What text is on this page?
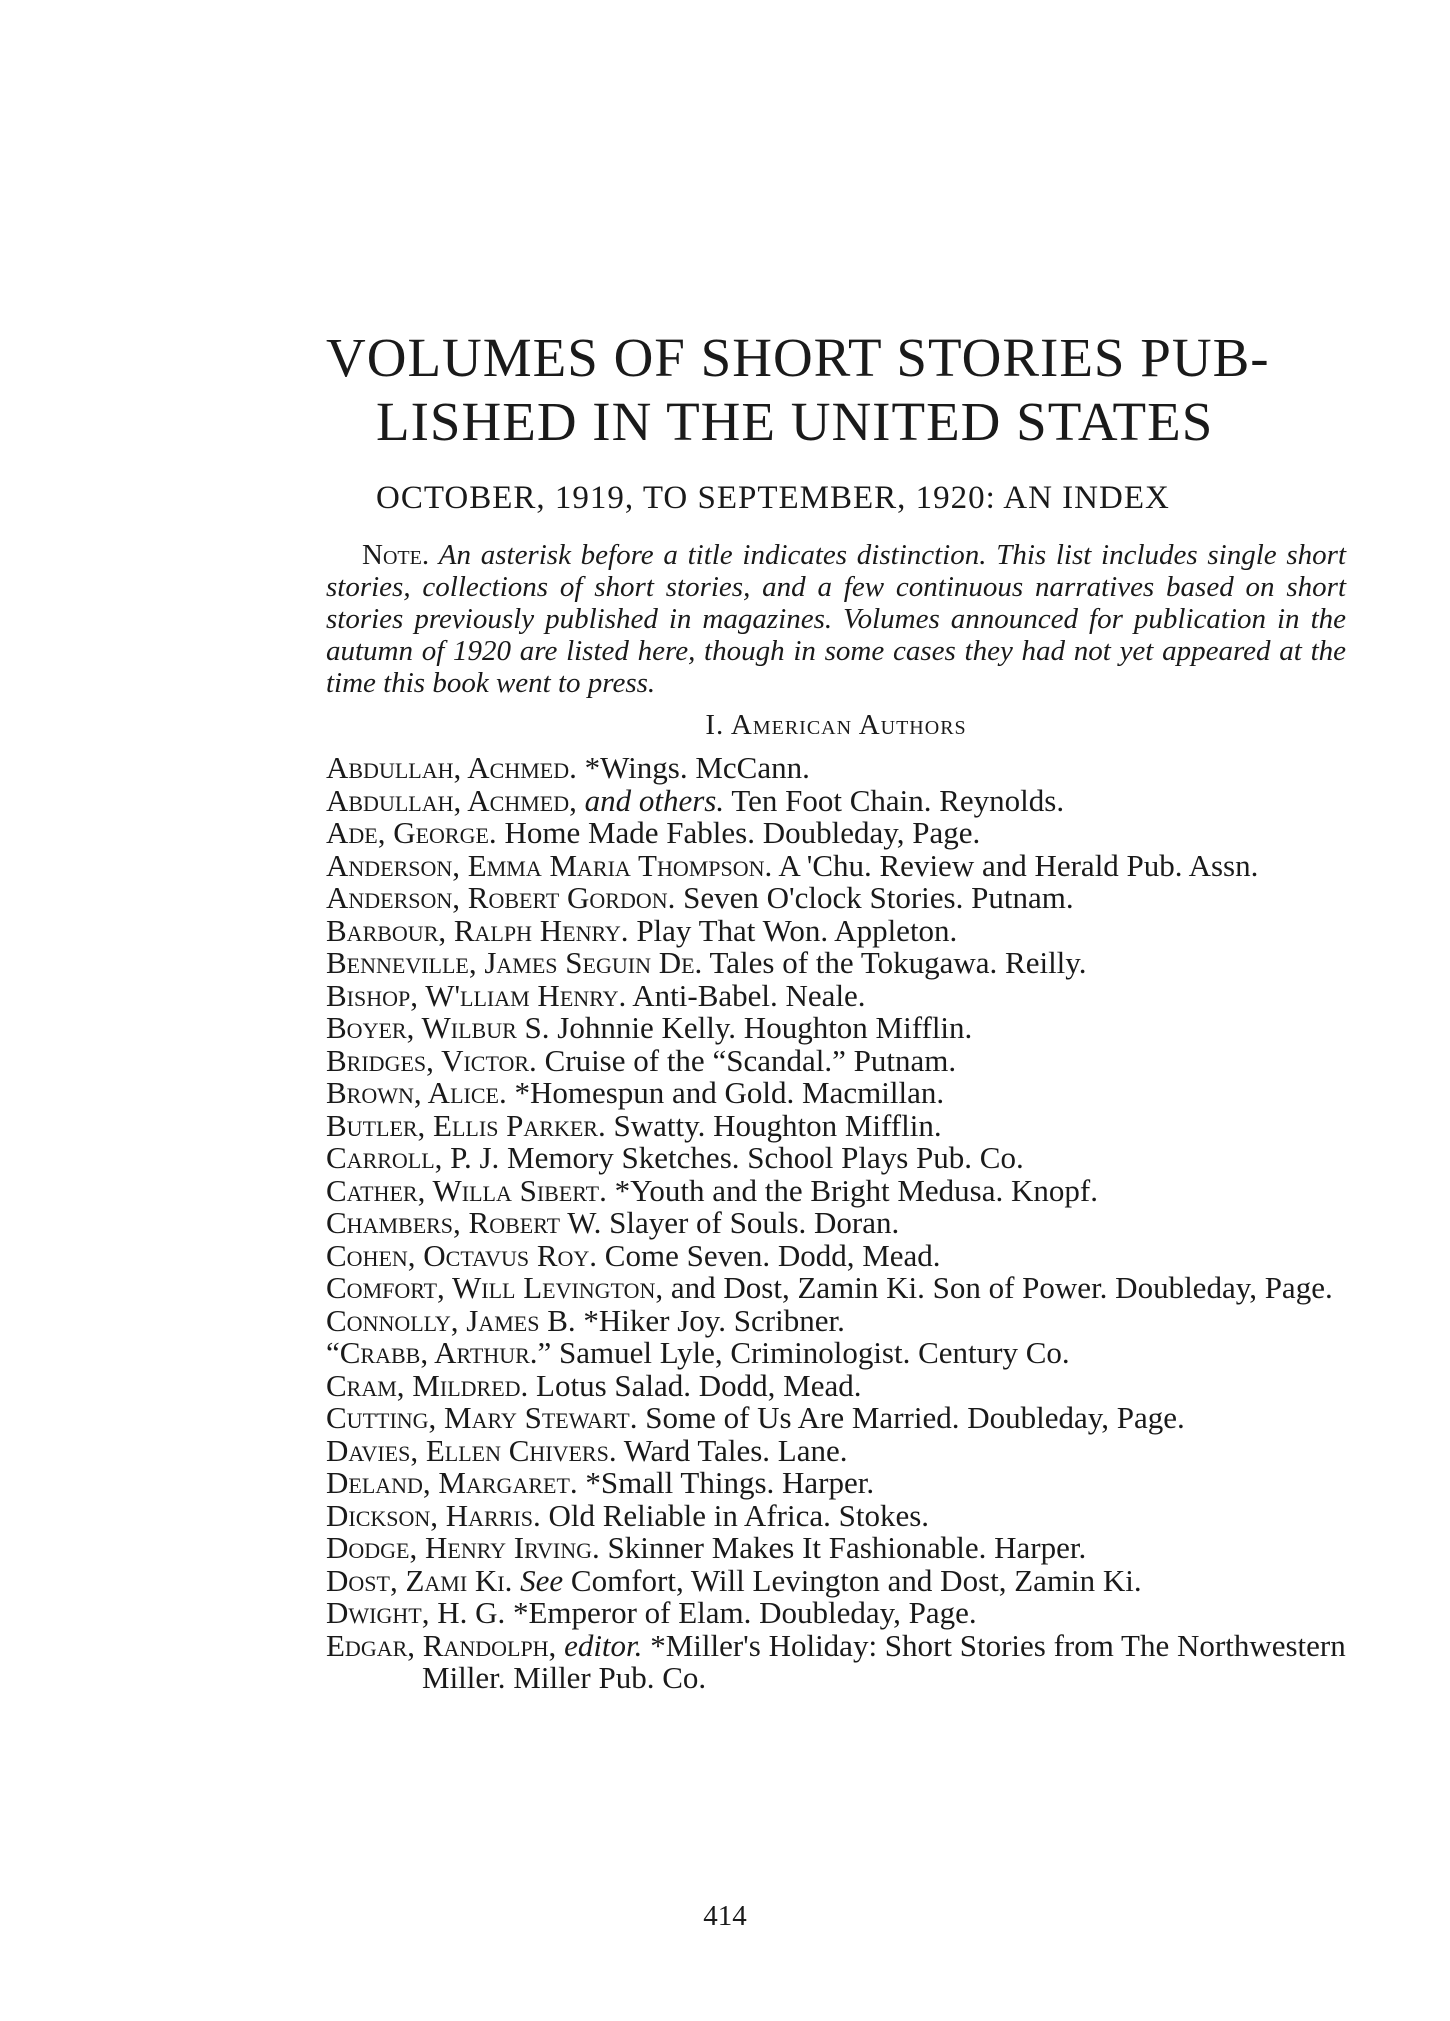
VOLUMES OF SHORT STORIES PUB-
LISHED IN THE UNITED STATES
OCTOBER, 1919, TO SEPTEMBER, 1920: AN INDEX

Note. An asterisk before a title indicates distinction. This list includes single short stories, collections of short stories, and a few continuous narratives based on short stories previously published in magazines. Volumes announced for publication in the autumn of 1920 are listed here, though in some cases they had not yet appeared at the time this book went to press.

I. American Authors
Abdullah, Achmed. *Wings. McCann.
Abdullah, Achmed, and others. Ten Foot Chain. Reynolds.
Ade, George. Home Made Fables. Doubleday, Page.
Anderson, Emma Maria Thompson. A 'Chu. Review and Herald Pub. Assn.
Anderson, Robert Gordon. Seven O'clock Stories. Putnam.
Barbour, Ralph Henry. Play That Won. Appleton.
Benneville, James Seguin De. Tales of the Tokugawa. Reilly.
Bishop, W'lliam Henry. Anti-Babel. Neale.
Boyer, Wilbur S. Johnnie Kelly. Houghton Mifflin.
Bridges, Victor. Cruise of the “Scandal.” Putnam.
Brown, Alice. *Homespun and Gold. Macmillan.
Butler, Ellis Parker. Swatty. Houghton Mifflin.
Carroll, P. J. Memory Sketches. School Plays Pub. Co.
Cather, Willa Sibert. *Youth and the Bright Medusa. Knopf.
Chambers, Robert W. Slayer of Souls. Doran.
Cohen, Octavus Roy. Come Seven. Dodd, Mead.
Comfort, Will Levington, and Dost, Zamin Ki. Son of Power. Doubleday, Page.
Connolly, James B. *Hiker Joy. Scribner.
“Crabb, Arthur.” Samuel Lyle, Criminologist. Century Co.
Cram, Mildred. Lotus Salad. Dodd, Mead.
Cutting, Mary Stewart. Some of Us Are Married. Doubleday, Page.
Davies, Ellen Chivers. Ward Tales. Lane.
Deland, Margaret. *Small Things. Harper.
Dickson, Harris. Old Reliable in Africa. Stokes.
Dodge, Henry Irving. Skinner Makes It Fashionable. Harper.
Dost, Zami Ki. See Comfort, Will Levington and Dost, Zamin Ki.
Dwight, H. G. *Emperor of Elam. Doubleday, Page.
Edgar, Randolph, editor. *Miller's Holiday: Short Stories from The Northwestern Miller. Miller Pub. Co.
414
